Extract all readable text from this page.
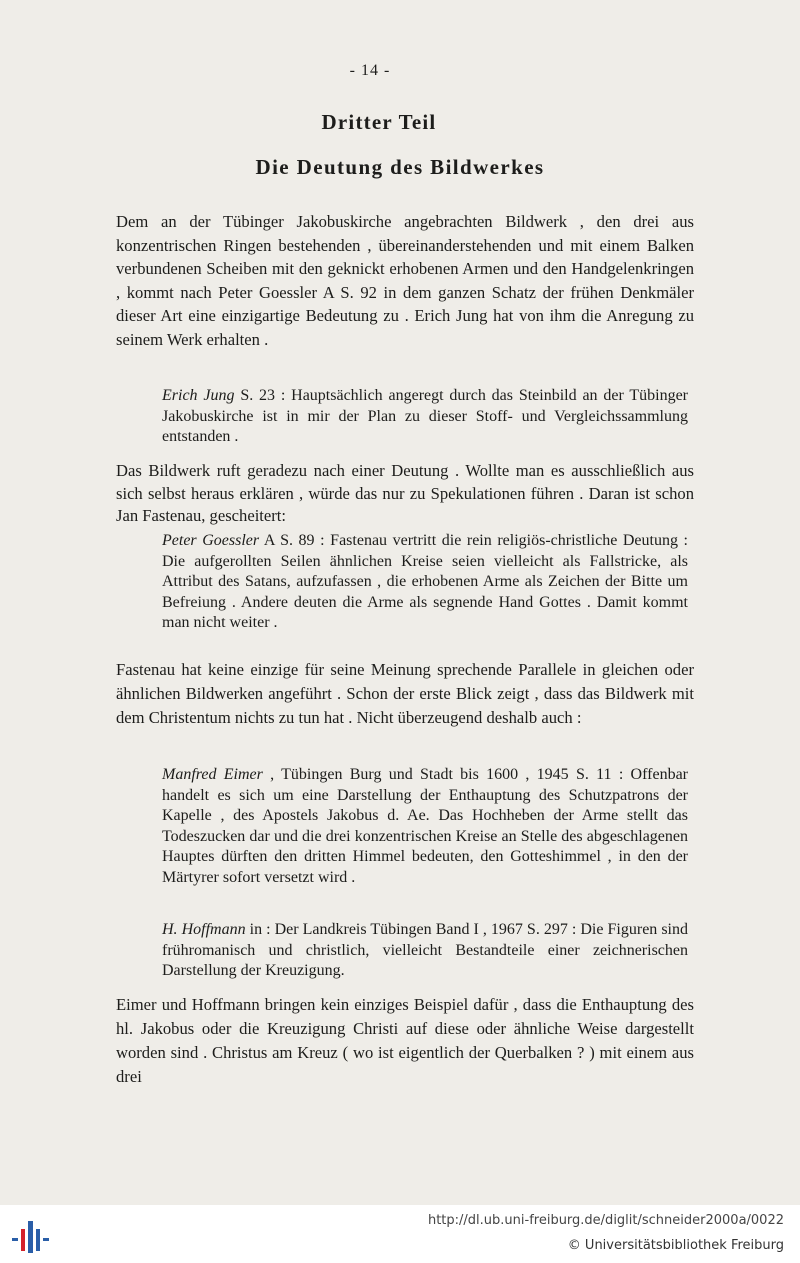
- 14 -
Dritter Teil
Die Deutung des Bildwerkes

Dem an der Tübinger Jakobuskirche angebrachten Bildwerk , den drei aus konzentrischen Ringen bestehenden , übereinanderstehenden und mit einem Balken verbundenen Scheiben mit den geknickt erhobenen Armen und den Handgelenkringen , kommt nach Peter Goessler A S. 92 in dem ganzen Schatz der frühen Denkmäler dieser Art eine einzigartige Bedeutung zu . Erich Jung hat von ihm die Anregung zu seinem Werk erhalten .

Erich Jung S. 23 : Hauptsächlich angeregt durch das Steinbild an der Tübinger Jakobuskirche ist in mir der Plan zu dieser Stoff- und Vergleichssammlung entstanden .

Das Bildwerk ruft geradezu nach einer Deutung . Wollte man es ausschließlich aus sich selbst heraus erklären , würde das nur zu Spekulationen führen . Daran ist schon Jan Fastenau, gescheitert:

Peter Goessler A S. 89 : Fastenau vertritt die rein religiös-christliche Deutung : Die aufgerollten Seilen ähnlichen Kreise seien vielleicht als Fallstricke, als Attribut des Satans, aufzufassen , die erhobenen Arme als Zeichen der Bitte um Befreiung . Andere deuten die Arme als segnende Hand Gottes . Damit kommt man nicht weiter .

Fastenau hat keine einzige für seine Meinung sprechende Parallele in gleichen oder ähnlichen Bildwerken angeführt . Schon der erste Blick zeigt , dass das Bildwerk mit dem Christentum nichts zu tun hat . Nicht überzeugend deshalb auch :

Manfred Eimer , Tübingen Burg und Stadt bis 1600 , 1945 S. 11 : Offenbar handelt es sich um eine Darstellung der Enthauptung des Schutzpatrons der Kapelle , des Apostels Jakobus d. Ae. Das Hochheben der Arme stellt das Todeszucken dar und die drei konzentrischen Kreise an Stelle des abgeschlagenen Hauptes dürften den dritten Himmel bedeuten, den Gotteshimmel , in den der Märtyrer sofort versetzt wird .

H. Hoffmann in : Der Landkreis Tübingen Band I , 1967 S. 297 : Die Figuren sind frühromanisch und christlich, vielleicht Bestandteile einer zeichnerischen Darstellung der Kreuzigung.

Eimer und Hoffmann bringen kein einziges Beispiel dafür , dass die Enthauptung des hl. Jakobus oder die Kreuzigung Christi auf diese oder ähnliche Weise dargestellt worden sind . Christus am Kreuz ( wo ist eigentlich der Querbalken ? ) mit einem aus drei

http://dl.ub.uni-freiburg.de/diglit/schneider2000a/0022
© Universitätsbibliothek Freiburg
